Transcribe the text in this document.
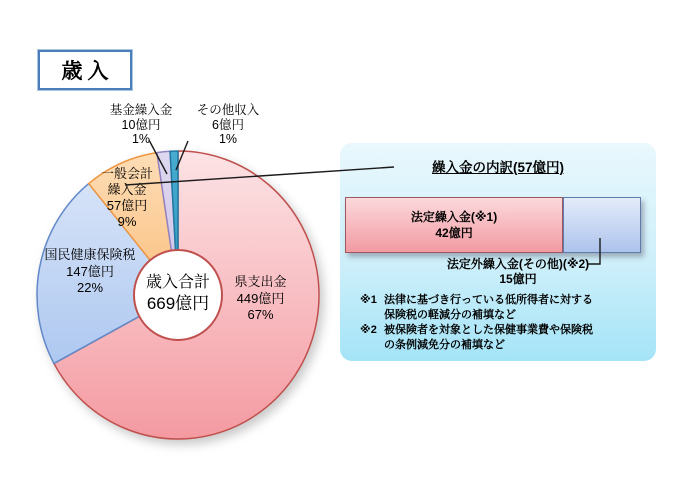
歳入
基金繰入金
10億円
1%
その他収入
6億円
1%
一般会計
繰入金
57億円
9%
国民健康保険税
147億円
22%	県支出金
449億円
67%
歳入合計
669億円
繰入金の内訳(57億円)
法定繰入金(※1)
42億円
法定外繰入金(その他)(※2)
15億円
※1 法律に基づき行っている低所得者に対する
保険税の軽減分の補填など
※2 被保険者を対象とした保健事業費や保険税
の条例減免分の補填など
